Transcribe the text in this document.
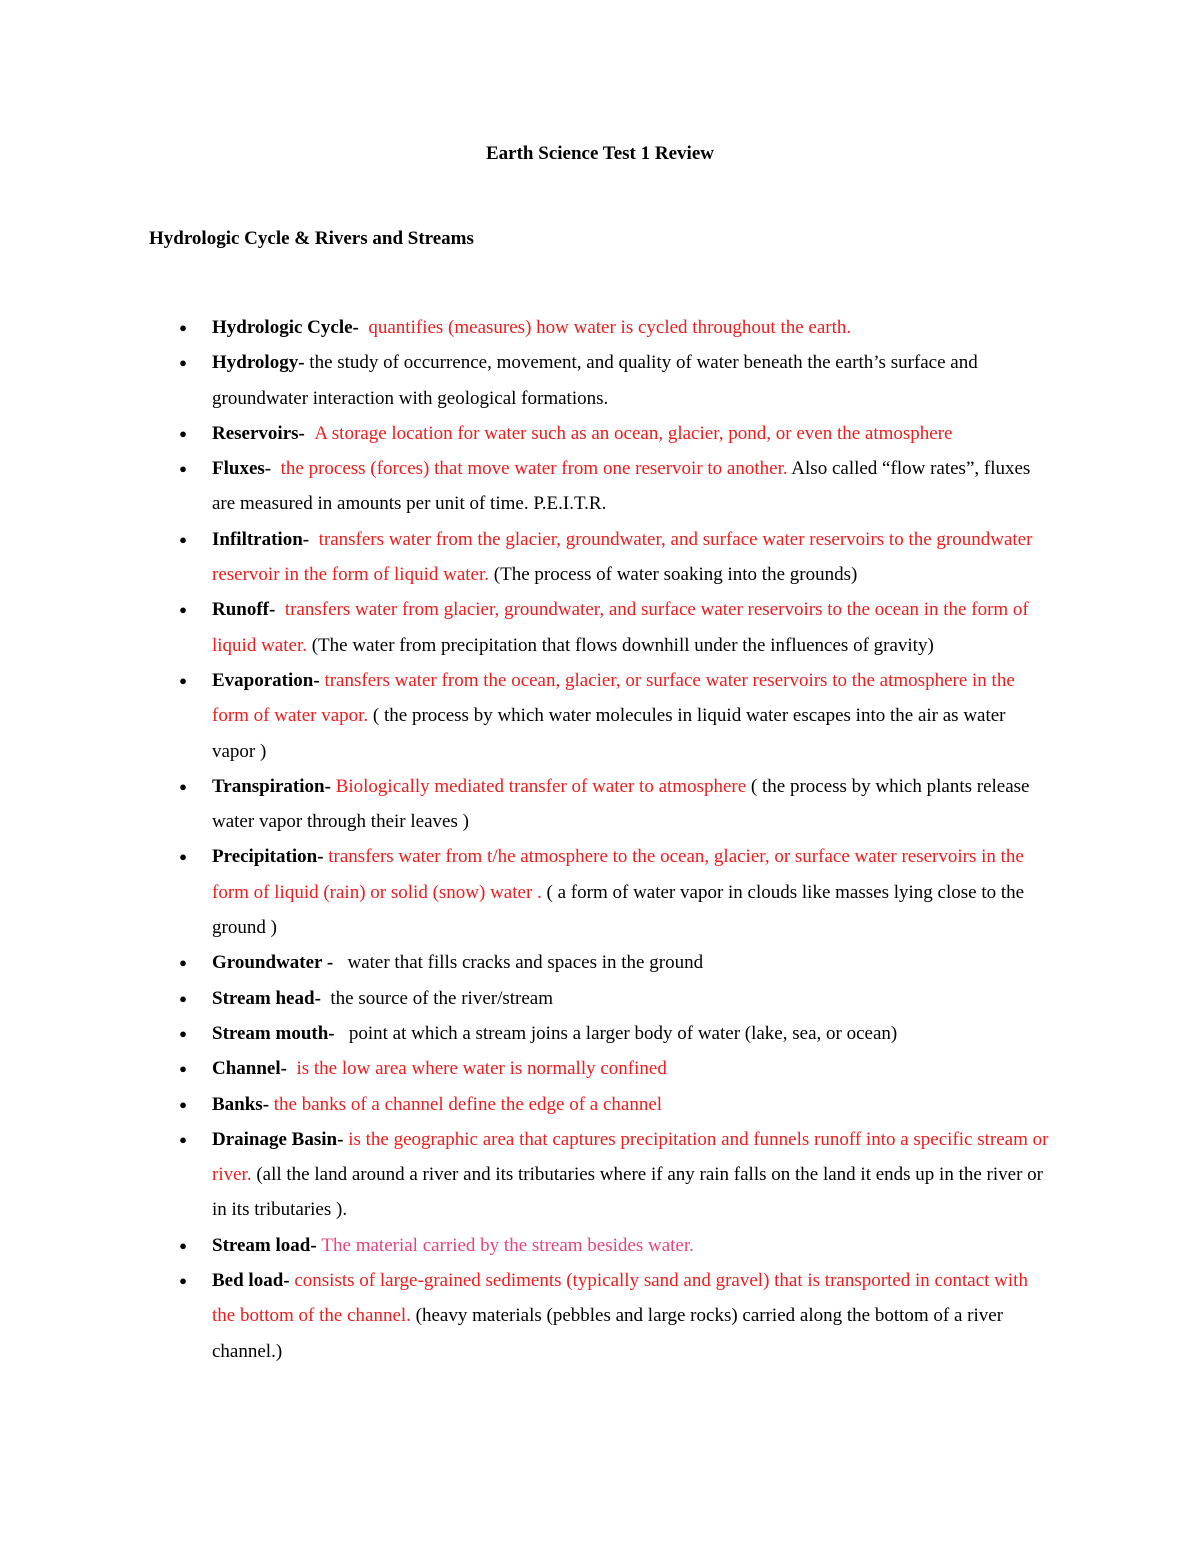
Earth Science Test 1 Review
Hydrologic Cycle & Rivers and Streams
●
Hydrologic Cycle-  quantifies (measures) how water is cycled throughout the earth.
●
Hydrology- the study of occurrence, movement, and quality of water beneath the earth’s surface and groundwater interaction with geological formations.
●
Reservoirs-  A storage location for water such as an ocean, glacier, pond, or even the atmosphere
●
Fluxes-  the process (forces) that move water from one reservoir to another. Also called “flow rates”, fluxes are measured in amounts per unit of time. P.E.I.T.R.
●
Infiltration-  transfers water from the glacier, groundwater, and surface water reservoirs to the groundwater reservoir in the form of liquid water. (The process of water soaking into the grounds)
●
Runoff-  transfers water from glacier, groundwater, and surface water reservoirs to the ocean in the form of liquid water. (The water from precipitation that flows downhill under the influences of gravity)
●
Evaporation- transfers water from the ocean, glacier, or surface water reservoirs to the atmosphere in the form of water vapor. ( the process by which water molecules in liquid water escapes into the air as water vapor )
●
Transpiration- Biologically mediated transfer of water to atmosphere ( the process by which plants release water vapor through their leaves )
●
Precipitation- transfers water from t/he atmosphere to the ocean, glacier, or surface water reservoirs in the form of liquid (rain) or solid (snow) water . ( a form of water vapor in clouds like masses lying close to the ground )
●
Groundwater -   water that fills cracks and spaces in the ground
●
Stream head-  the source of the river/stream
●
Stream mouth-   point at which a stream joins a larger body of water (lake, sea, or ocean)
●
Channel-  is the low area where water is normally confined
●
Banks- the banks of a channel define the edge of a channel
●
Drainage Basin- is the geographic area that captures precipitation and funnels runoff into a specific stream or river. (all the land around a river and its tributaries where if any rain falls on the land it ends up in the river or in its tributaries ).
●
Stream load- The material carried by the stream besides water.
●
Bed load- consists of large-grained sediments (typically sand and gravel) that is transported in contact with the bottom of the channel. (heavy materials (pebbles and large rocks) carried along the bottom of a river channel.)
